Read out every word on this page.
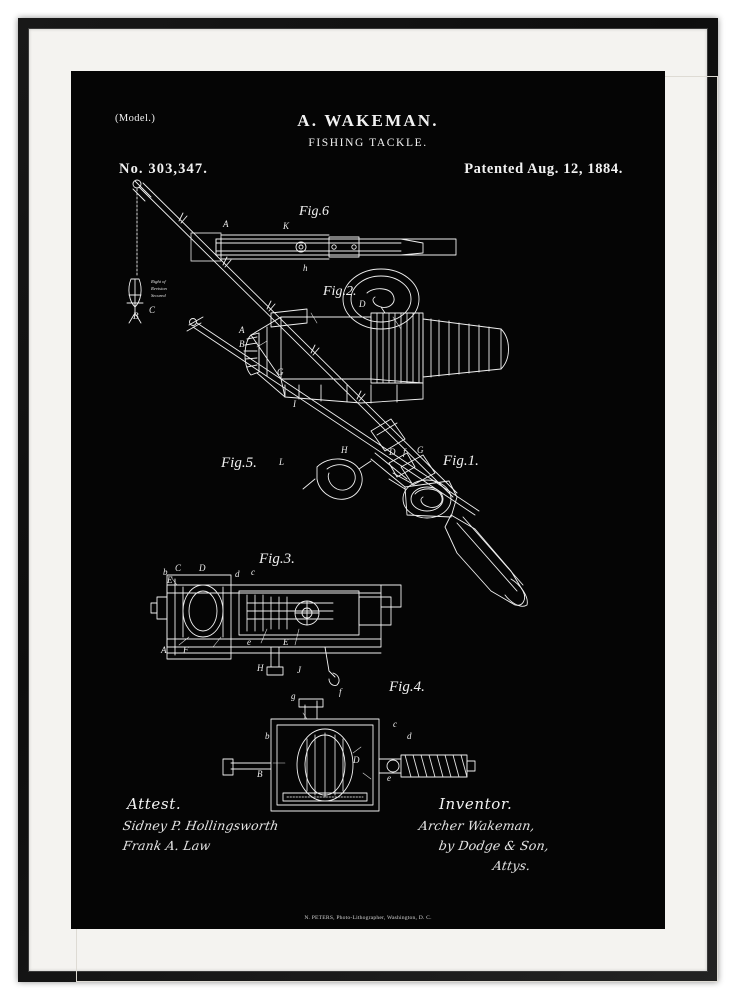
(Model.)	A. WAKEMAN.
FISHING TACKLE.
No. 303,347.	Patented Aug. 12, 1884.
Fig.6
Fig.2.
Fig.5.	Fig.1.
Fig.3.
Fig.4.
A	K
h
A
B
D
G
B
C
I
L
H	D f G
b C D
d c
E
e	E
A F
H	J
g	f
c
d
b
D
e
B
Right of
Revision
Secured
Attest.
Sidney P. Hollingsworth
Frank A. Law
Inventor.
Archer Wakeman,
by Dodge & Son,
Attys.
N. PETERS, Photo-Lithographer, Washington, D. C.
